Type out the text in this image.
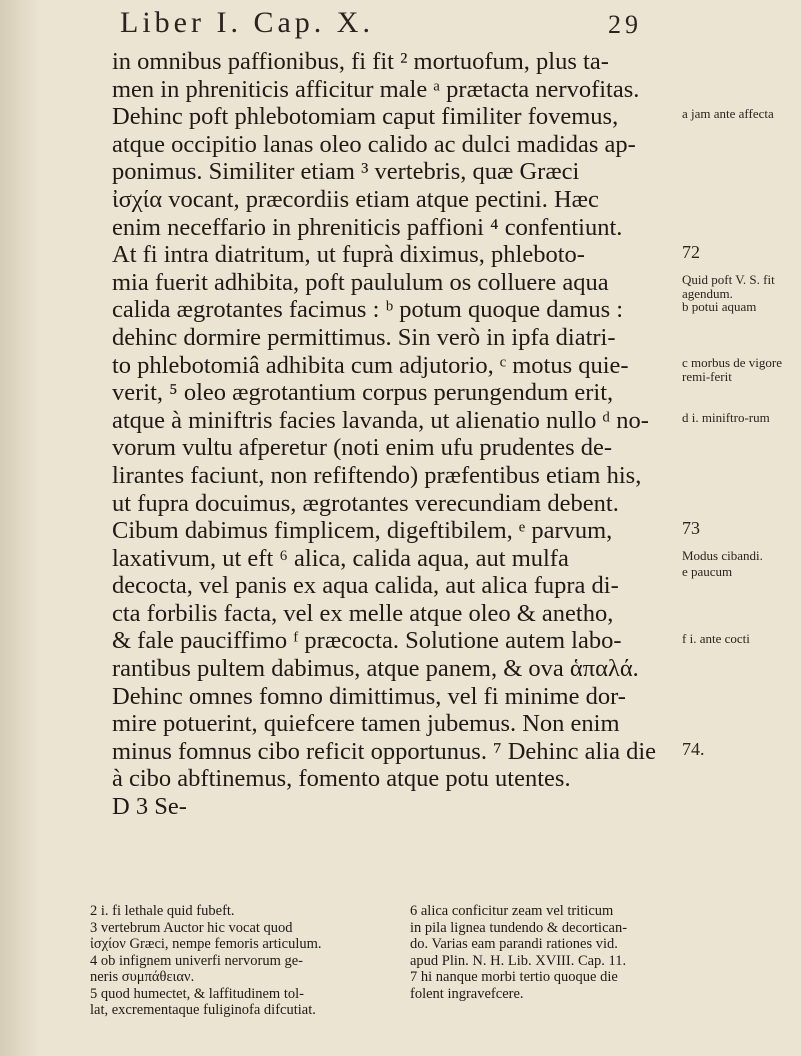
Liber I. Cap. X.	29
in omnibus paffionibus, fi fit ² mortuofum, plus ta-
men in phreniticis afficitur male ᵃ prætacta nervofitas.
Dehinc poft phlebotomiam caput fimiliter fovemus,
atque occipitio lanas oleo calido ac dulci madidas ap-
ponimus. Similiter etiam ³ vertebris, quæ Græci
ἰσχία vocant, præcordiis etiam atque pectini. Hæc
enim neceffario in phreniticis paffioni ⁴ confentiunt.
At fi intra diatritum, ut fuprà diximus, phleboto-
mia fuerit adhibita, poft paululum os colluere aqua
calida ægrotantes facimus : ᵇ potum quoque damus :
dehinc dormire permittimus. Sin verò in ipfa diatri-
to phlebotomiâ adhibita cum adjutorio, ᶜ motus quie-
verit, ⁵ oleo ægrotantium corpus perungendum erit,
atque à miniftris facies lavanda, ut alienatio nullo ᵈ no-
vorum vultu afperetur (noti enim ufu prudentes de-
lirantes faciunt, non refiftendo) præfentibus etiam his,
ut fupra docuimus, ægrotantes verecundiam debent.
Cibum dabimus fimplicem, digeftibilem, ᵉ parvum,
laxativum, ut eft ⁶ alica, calida aqua, aut mulfa
decocta, vel panis ex aqua calida, aut alica fupra di-
cta forbilis facta, vel ex melle atque oleo & anetho,
& fale pauciffimo ᶠ præcocta. Solutione autem labo-
rantibus pultem dabimus, atque panem, & ova ἁπαλά.
Dehinc omnes fomno dimittimus, vel fi minime dor-
mire potuerint, quiefcere tamen jubemus. Non enim
minus fomnus cibo reficit opportunus. ⁷ Dehinc alia die
à cibo abftinemus, fomento atque potu utentes.
D 3 Se-
a jam ante affecta
72
Quid poft V. S. fit agendum.
b potui aquam
c morbus de vigore remi-ferit
d i. miniftro-rum
73
Modus cibandi.
e paucum
f i. ante cocti
74.
2 i. fi lethale quid fubeft.
3 vertebrum Auctor hic vocat quod
ἰσχίον Græci, nempe femoris articulum.
4 ob infignem univerfi nervorum ge-
neris συμπάθειαν.
5 quod humectet, & laffitudinem tol-
lat, excrementaque fuliginofa difcutiat.
6 alica conficitur zeam vel triticum
in pila lignea tundendo & decortican-
do. Varias eam parandi rationes vid.
apud Plin. N. H. Lib. XVIII. Cap. 11.
7 hi nanque morbi tertio quoque die
folent ingravefcere.
